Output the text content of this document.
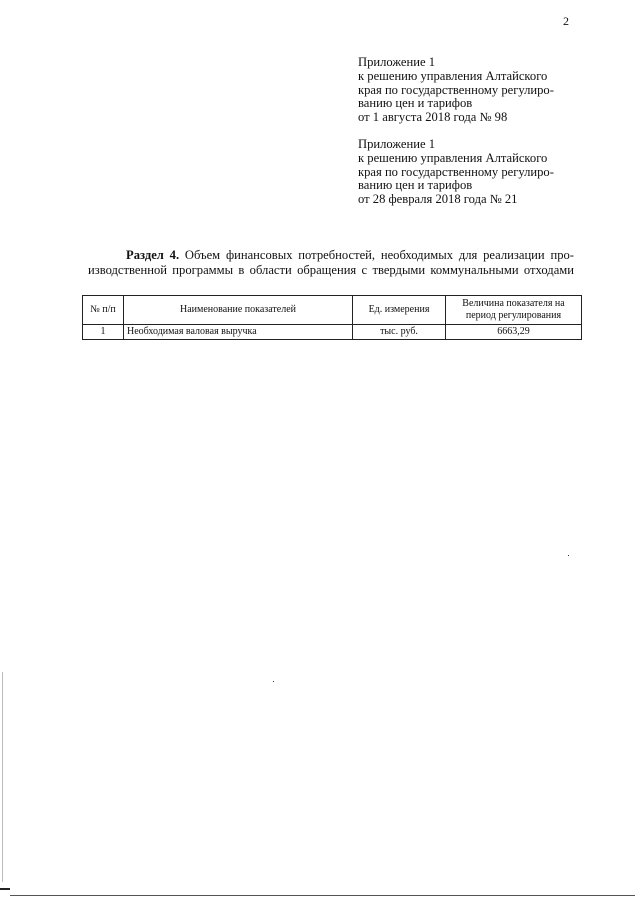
2
Приложение 1
к решению управления Алтайского
края по государственному регулиро-
ванию цен и тарифов
от 1 августа 2018 года № 98
Приложение 1
к решению управления Алтайского
края по государственному регулиро-
ванию цен и тарифов
от 28 февраля 2018 года № 21
Раздел 4. Объем финансовых потребностей, необходимых для реализации про-
изводственной программы в области обращения с твердыми коммунальными отходами
№ п/п	Наименование показателей	Ед. измерения	Величина показателя на период регулирования
1	Необходимая валовая выручка	тыс. руб.	6663,29
